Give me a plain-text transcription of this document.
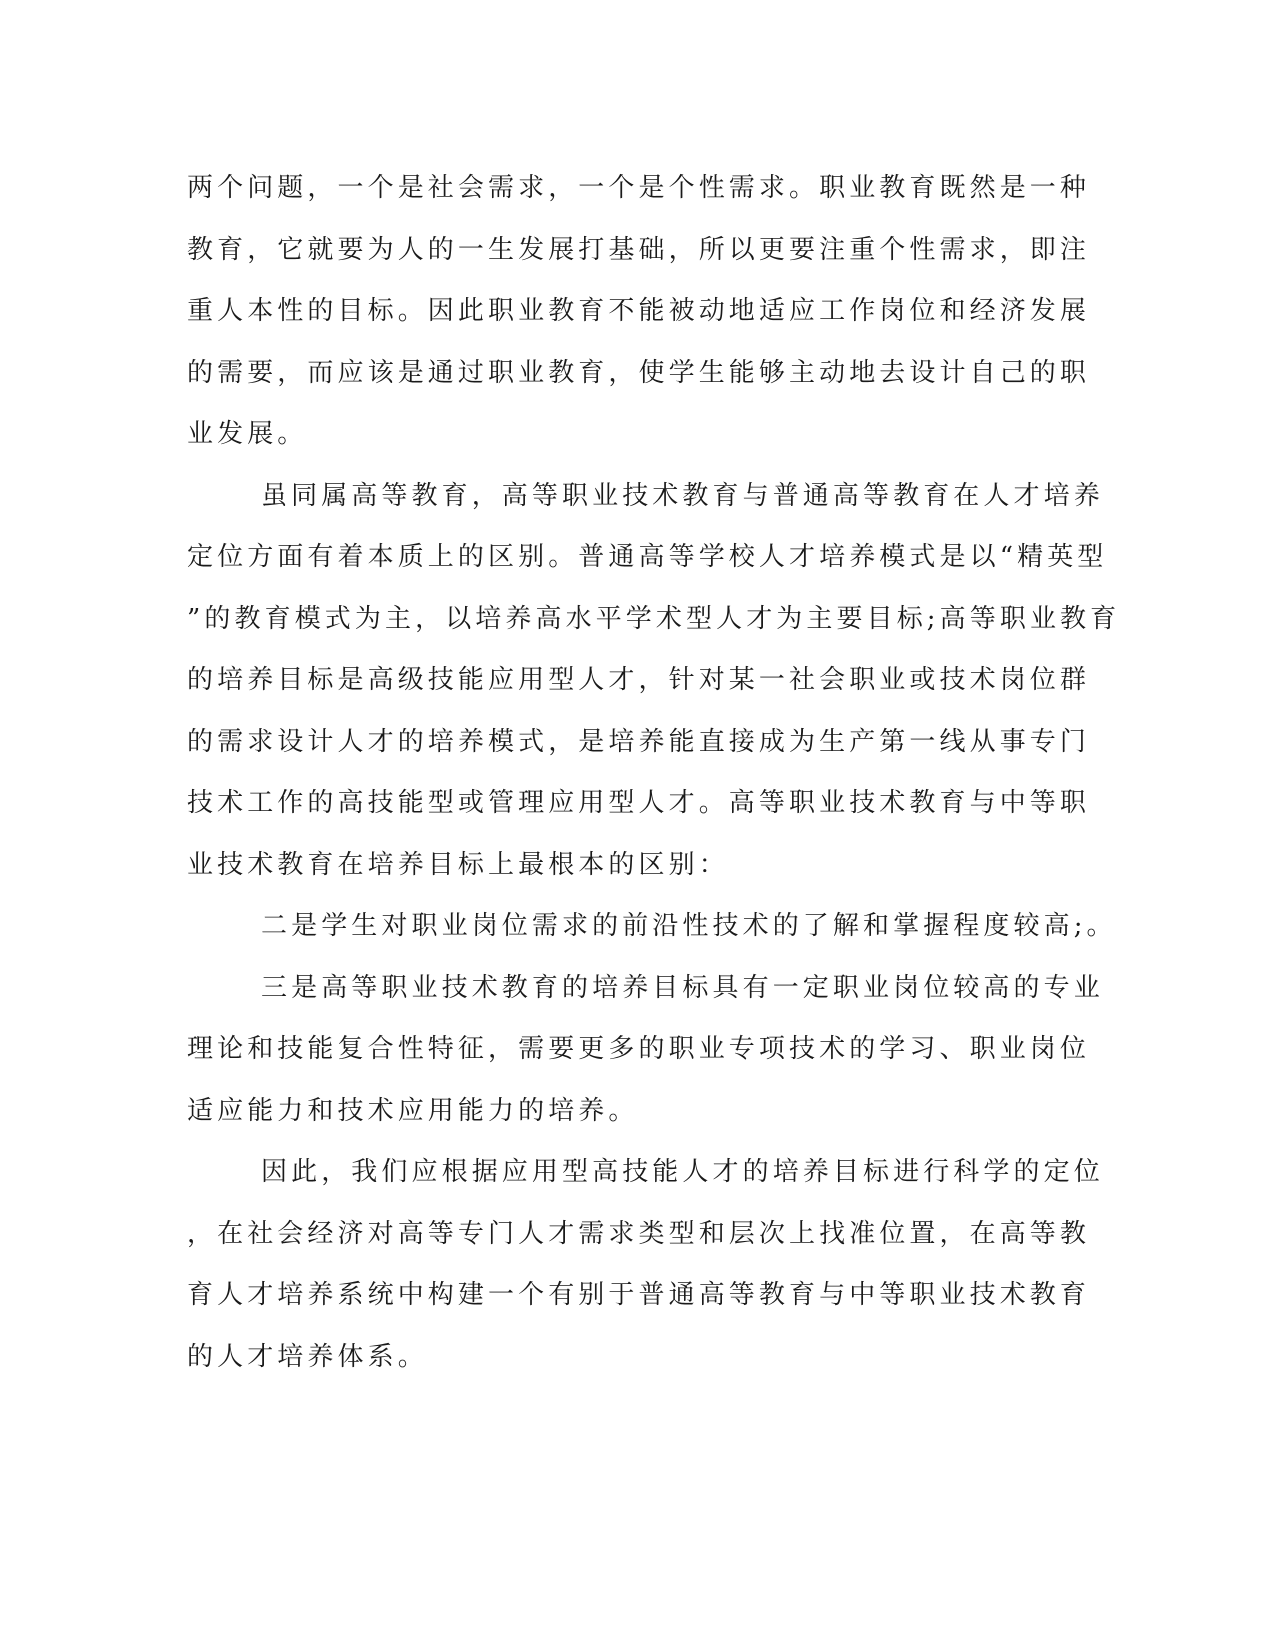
两个问题，一个是社会需求，一个是个性需求。职业教育既然是一种
教育，它就要为人的一生发展打基础，所以更要注重个性需求，即注
重人本性的目标。因此职业教育不能被动地适应工作岗位和经济发展
的需要，而应该是通过职业教育，使学生能够主动地去设计自己的职
业发展。
虽同属高等教育，高等职业技术教育与普通高等教育在人才培养
定位方面有着本质上的区别。普通高等学校人才培养模式是以“精英型
”的教育模式为主，以培养高水平学术型人才为主要目标;高等职业教育
的培养目标是高级技能应用型人才，针对某一社会职业或技术岗位群
的需求设计人才的培养模式，是培养能直接成为生产第一线从事专门
技术工作的高技能型或管理应用型人才。高等职业技术教育与中等职
业技术教育在培养目标上最根本的区别：
二是学生对职业岗位需求的前沿性技术的了解和掌握程度较高;。
三是高等职业技术教育的培养目标具有一定职业岗位较高的专业
理论和技能复合性特征，需要更多的职业专项技术的学习、职业岗位
适应能力和技术应用能力的培养。
因此，我们应根据应用型高技能人才的培养目标进行科学的定位
，在社会经济对高等专门人才需求类型和层次上找准位置，在高等教
育人才培养系统中构建一个有别于普通高等教育与中等职业技术教育
的人才培养体系。
